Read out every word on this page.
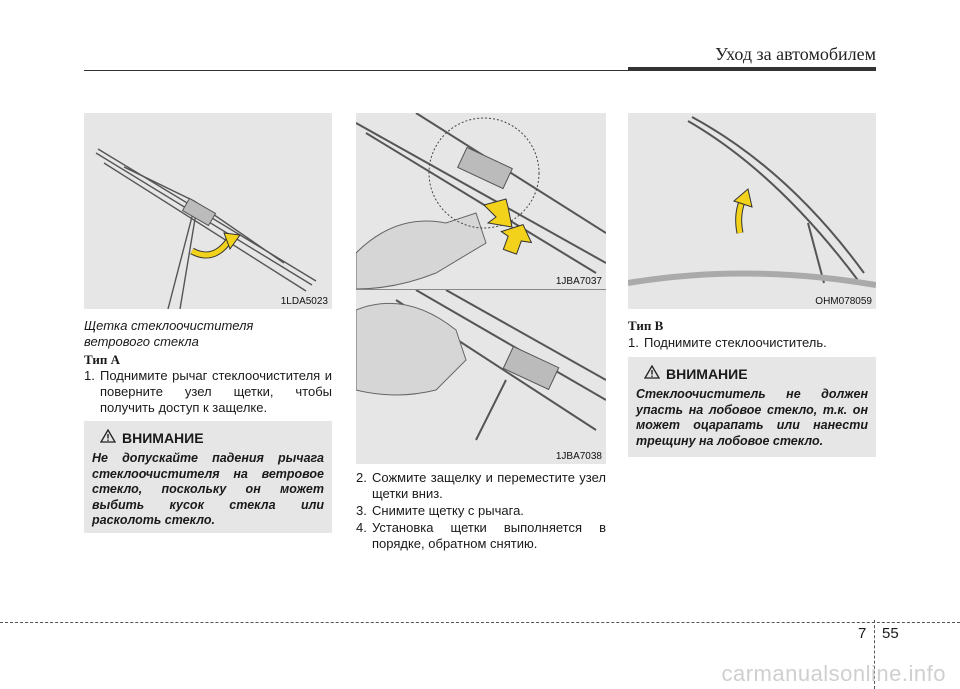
Уход за автомобилем
1LDA5023
Щетка стеклоочистителя
ветрового стекла
Тип А
1. Поднимите рычаг стеклоочистителя и поверните узел щетки, чтобы получить доступ к защелке.
ВНИМАНИЕ
Не допускайте падения рычага стеклоочистителя на ветровое стекло, поскольку он может выбить кусок стекла или расколоть стекло.
1JBA7037
1JBA7038
2. Сожмите защелку и переместите узел щетки вниз.
3. Снимите щетку с рычага.
4. Установка щетки выполняется в порядке, обратном снятию.
OHM078059
Тип В
1. Поднимите стеклоочиститель.
ВНИМАНИЕ
Стеклоочиститель не должен упасть на лобовое стекло, т.к. он может оцарапать или нанести трещину на лобовое стекло.
7 55
carmanualsonline.info
